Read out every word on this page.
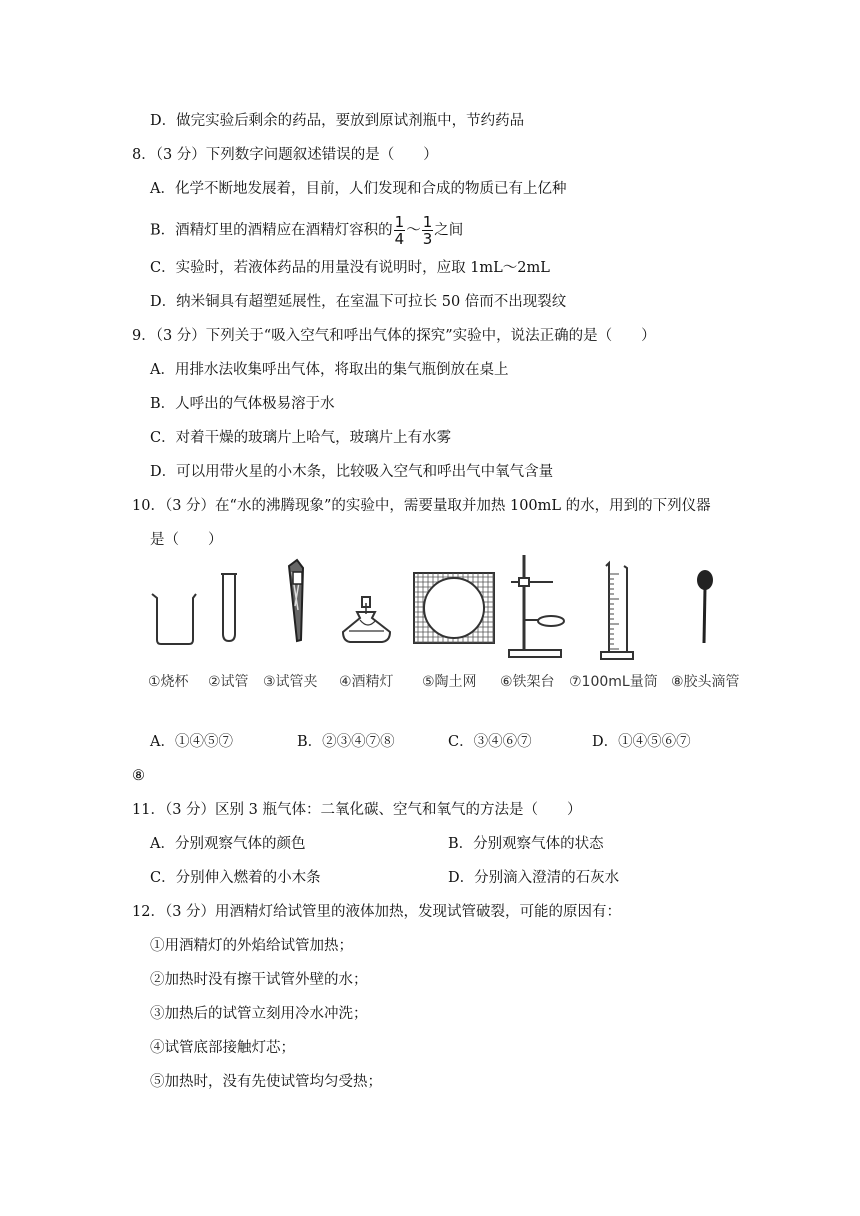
D．做完实验后剩余的药品，要放到原试剂瓶中，节约药品
8．（3 分）下列数字问题叙述错误的是（　　）
A．化学不断地发展着，目前，人们发现和合成的物质已有上亿种
B．酒精灯里的酒精应在酒精灯容积的 $\frac{1}{4}$ ～ $\frac{1}{3}$ 之间
C．实验时，若液体药品的用量没有说明时，应取 1mL～2mL
D．纳米铜具有超塑延展性，在室温下可拉长 50 倍而不出现裂纹
9．（3 分）下列关于“吸入空气和呼出气体的探究”实验中，说法正确的是（　　）
A．用排水法收集呼出气体，将取出的集气瓶倒放在桌上
B．人呼出的气体极易溶于水
C．对着干燥的玻璃片上哈气，玻璃片上有水雾
D．可以用带火星的小木条，比较吸入空气和呼出气中氧气含量
10．（3 分）在“水的沸腾现象”的实验中，需要量取并加热 100mL 的水，用到的下列仪器
是（　　）
①烧杯 ②试管 ③试管夹 ④酒精灯 ⑤陶土网 ⑥铁架台 ⑦100mL量筒 ⑧胶头滴管
A．①④⑤⑦	B．②③④⑦⑧	C．③④⑥⑦	D．①④⑤⑥⑦
⑧
11．（3 分）区别 3 瓶气体：二氧化碳、空气和氧气的方法是（　　）
A．分别观察气体的颜色	B．分别观察气体的状态
C．分别伸入燃着的小木条	D．分别滴入澄清的石灰水
12．（3 分）用酒精灯给试管里的液体加热，发现试管破裂，可能的原因有：
①用酒精灯的外焰给试管加热；
②加热时没有擦干试管外壁的水；
③加热后的试管立刻用冷水冲洗；
④试管底部接触灯芯；
⑤加热时，没有先使试管均匀受热；
